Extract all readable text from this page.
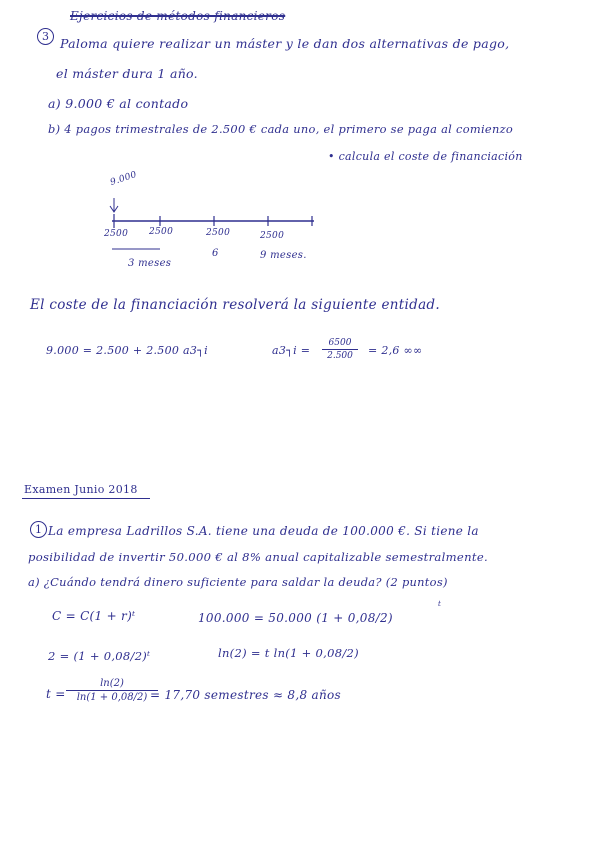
Ejercicios de métodos financieros
3 Paloma quiere realizar un máster y le dan dos alternativas de pago,
el máster dura 1 año.
a) 9.000 € al contado
b) 4 pagos trimestrales de 2.500 € cada uno, el primero se paga al comienzo
• calcula el coste de financiación
9.000
2500 2500	2500	2500
3 meses
6	9 meses.
El coste de la financiación resolverá la siguiente entidad.
9.000 = 2.500 + 2.500 a3┐i	a3┐i =
6500
2.500	= 2,6 ∞∞
Examen Junio 2018
1 La empresa Ladrillos S.A. tiene una deuda de 100.000 €. Si tiene la
posibilidad de invertir 50.000 € al 8% anual capitalizable semestralmente.
a) ¿Cuándo tendrá dinero suficiente para saldar la deuda? (2 puntos)
C = C(1 + r)ᵗ	100.000 = 50.000 (1 + 0,08/2)
t
2 = (1 + 0,08/2)ᵗ	ln(2) = t ln(1 + 0,08/2)
t =
ln(2)
ln(1 + 0,08/2) = 17,70 semestres ≈ 8,8 años
